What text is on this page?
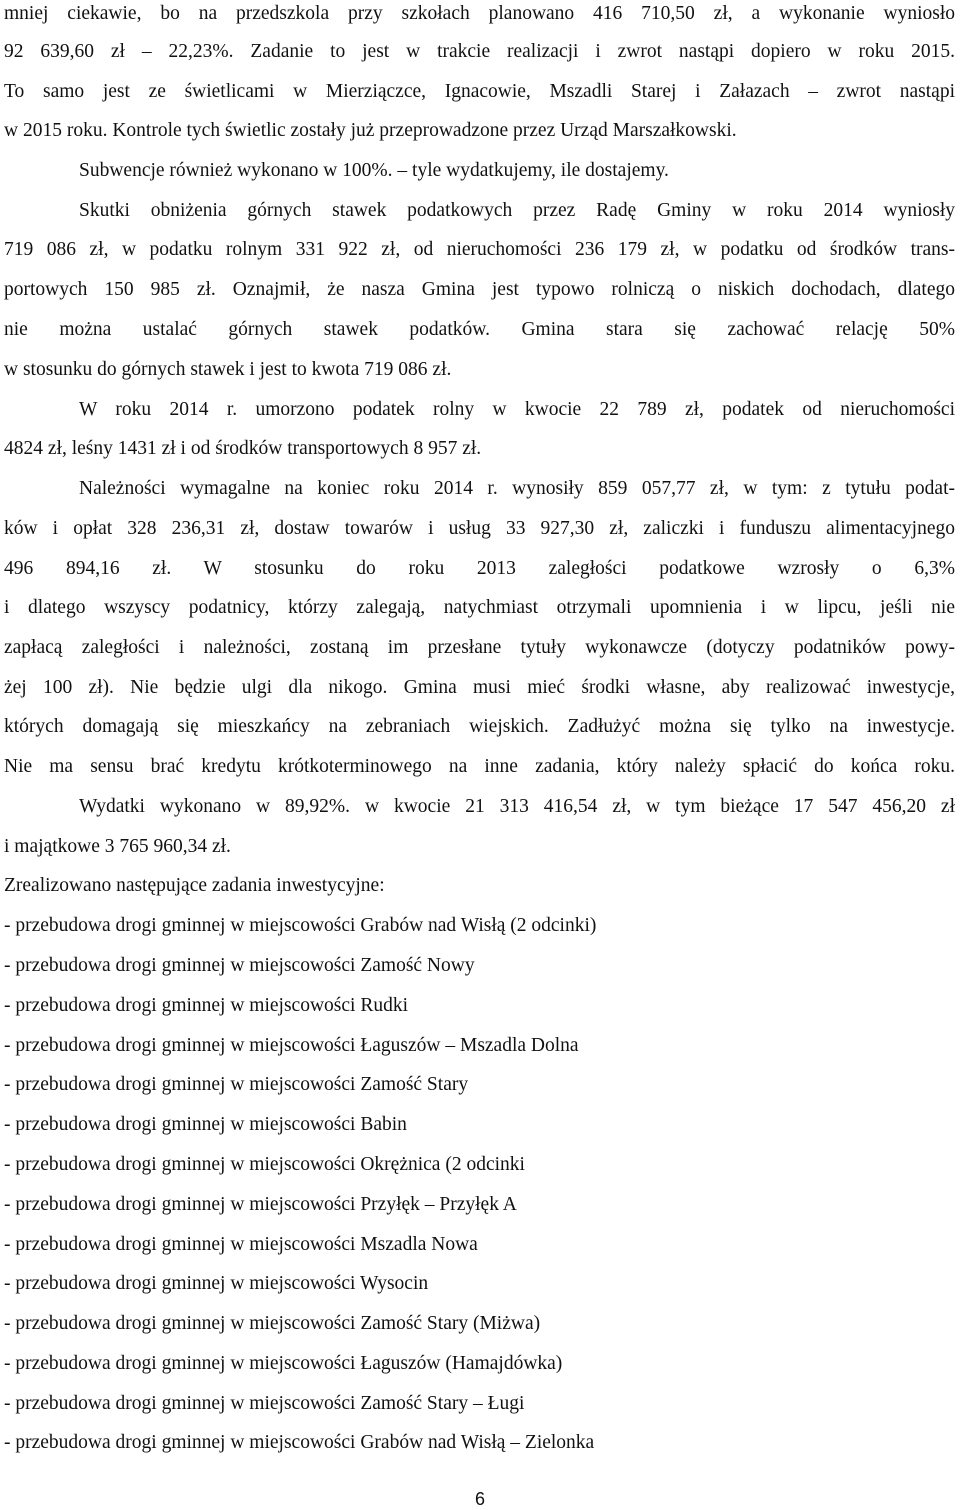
mniej ciekawie, bo na przedszkola przy szkołach planowano 416 710,50 zł, a wykonanie wyniosło
92 639,60 zł – 22,23%. Zadanie to jest w trakcie realizacji i zwrot nastąpi dopiero w roku 2015.
To samo jest ze świetlicami w Mierziączce, Ignacowie, Mszadli Starej i Załazach – zwrot nastąpi
w 2015 roku. Kontrole tych świetlic zostały już przeprowadzone przez Urząd Marszałkowski.
Subwencje również wykonano w 100%. – tyle wydatkujemy, ile dostajemy.
Skutki obniżenia górnych stawek podatkowych przez Radę Gminy w roku 2014 wyniosły
719 086 zł, w podatku rolnym 331 922 zł, od nieruchomości 236 179 zł, w podatku od środków trans-
portowych 150 985 zł. Oznajmił, że nasza Gmina jest typowo rolniczą o niskich dochodach, dlatego
nie można ustalać górnych stawek podatków. Gmina stara się zachować relację 50%
w stosunku do górnych stawek i jest to kwota 719 086 zł.
W roku 2014 r. umorzono podatek rolny w kwocie 22 789 zł, podatek od nieruchomości
4824 zł, leśny 1431 zł i od środków transportowych 8 957 zł.
Należności wymagalne na koniec roku 2014 r. wynosiły 859 057,77 zł, w tym: z tytułu podat-
ków i opłat 328 236,31 zł, dostaw towarów i usług 33 927,30 zł, zaliczki i funduszu alimentacyjnego
496 894,16 zł. W stosunku do roku 2013 zaległości podatkowe wzrosły o 6,3%
i dlatego wszyscy podatnicy, którzy zalegają, natychmiast otrzymali upomnienia i w lipcu, jeśli nie
zapłacą zaległości i należności, zostaną im przesłane tytuły wykonawcze (dotyczy podatników powy-
żej 100 zł). Nie będzie ulgi dla nikogo. Gmina musi mieć środki własne, aby realizować inwestycje,
których domagają się mieszkańcy na zebraniach wiejskich. Zadłużyć można się tylko na inwestycje.
Nie ma sensu brać kredytu krótkoterminowego na inne zadania, który należy spłacić do końca roku.
Wydatki wykonano w 89,92%. w kwocie 21 313 416,54 zł, w tym bieżące 17 547 456,20 zł
i majątkowe 3 765 960,34 zł.
Zrealizowano następujące zadania inwestycyjne:
- przebudowa drogi gminnej w miejscowości Grabów nad Wisłą (2 odcinki)
- przebudowa drogi gminnej w miejscowości Zamość Nowy
- przebudowa drogi gminnej w miejscowości Rudki
- przebudowa drogi gminnej w miejscowości Łaguszów – Mszadla Dolna
- przebudowa drogi gminnej w miejscowości Zamość Stary
- przebudowa drogi gminnej w miejscowości Babin
- przebudowa drogi gminnej w miejscowości Okrężnica (2 odcinki
- przebudowa drogi gminnej w miejscowości Przyłęk – Przyłęk A
- przebudowa drogi gminnej w miejscowości Mszadla Nowa
- przebudowa drogi gminnej w miejscowości Wysocin
- przebudowa drogi gminnej w miejscowości Zamość Stary (Miżwa)
- przebudowa drogi gminnej w miejscowości Łaguszów (Hamajdówka)
- przebudowa drogi gminnej w miejscowości Zamość Stary – Ługi
- przebudowa drogi gminnej w miejscowości Grabów nad Wisłą – Zielonka
6
